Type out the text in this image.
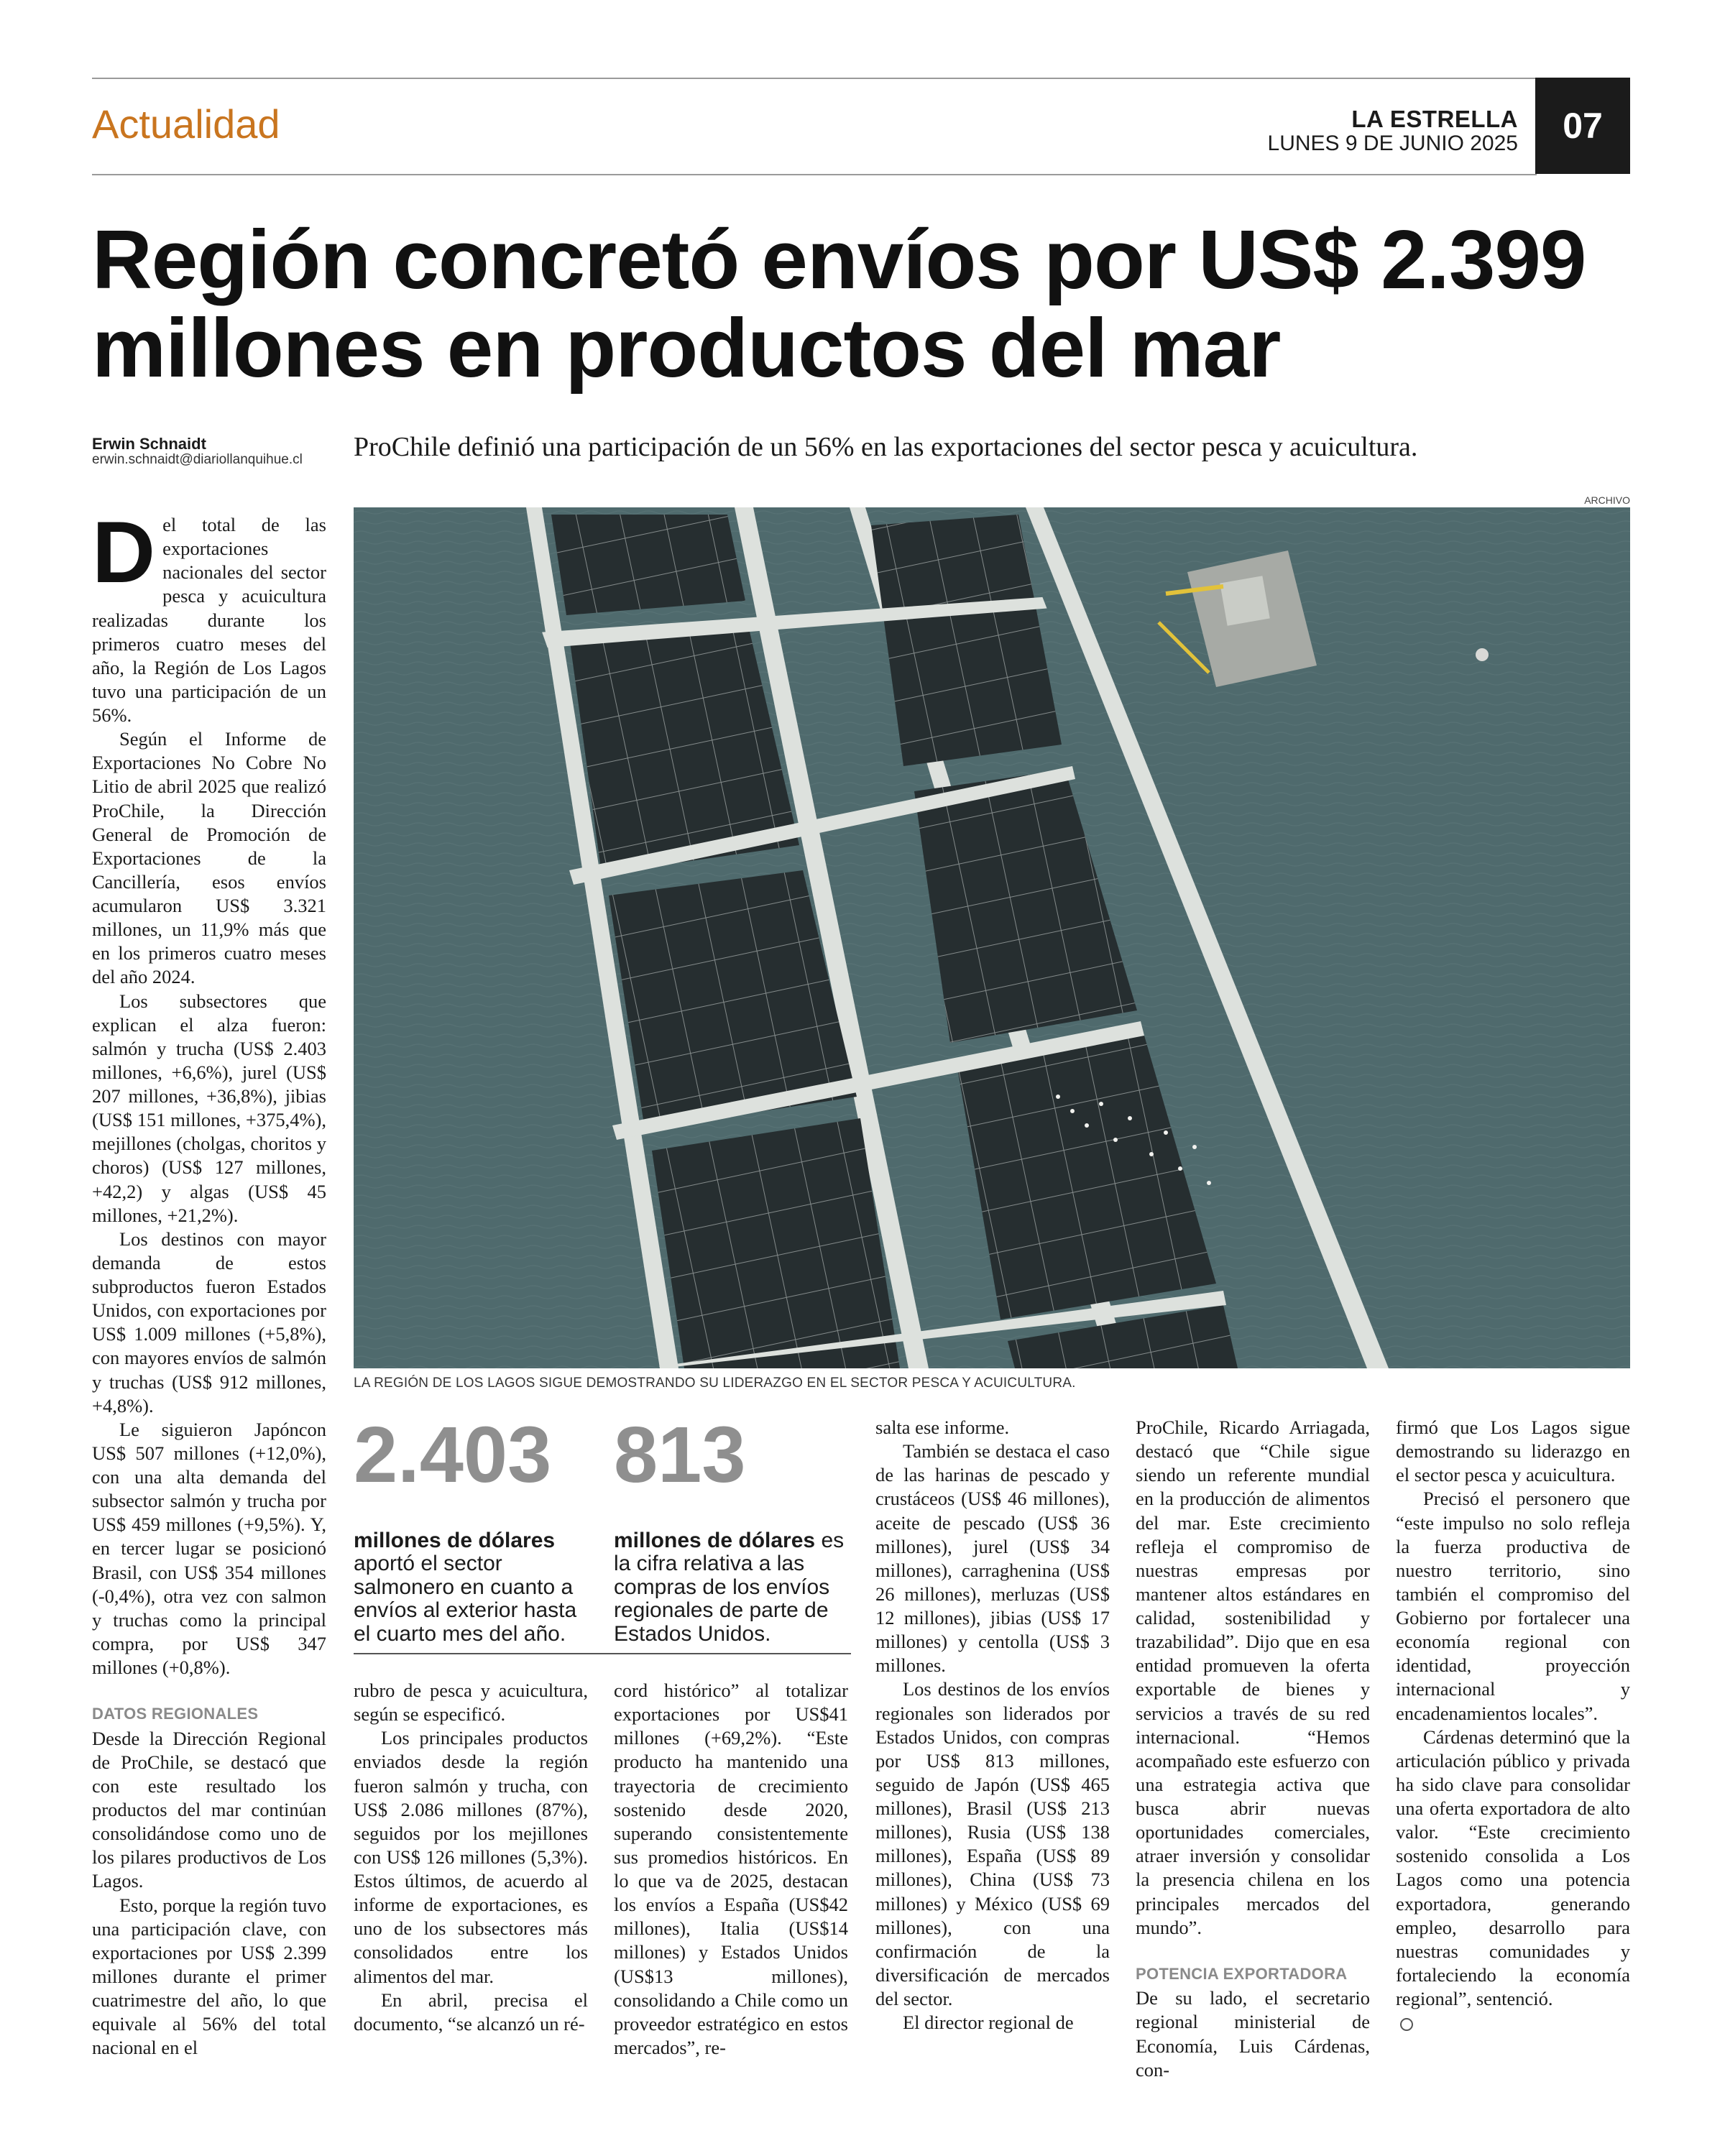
Actualidad	LA ESTRELLA
LUNES 9 DE JUNIO 2025	07
Región concretó envíos por US$ 2.399
millones en productos del mar
Erwin Schnaidt
erwin.schnaidt@diariollanquihue.cl ProChile definió una participación de un 56% en las exportaciones del sector pesca y acuicultura.
ARCHIVO
LA REGIÓN DE LOS LAGOS SIGUE DEMOSTRANDO SU LIDERAZGO EN EL SECTOR PESCA Y ACUICULTURA.
D el total de las exportaciones nacionales del sector pesca y acuicultura realizadas durante los primeros cuatro meses del año, la Región de Los Lagos tuvo una participación de un 56%.

Según el Informe de Exportaciones No Cobre No Litio de abril 2025 que realizó ProChile, la Dirección General de Promoción de Exportaciones de la Cancillería, esos envíos acumularon US$ 3.321 millones, un 11,9% más que en los primeros cuatro meses del año 2024.

Los subsectores que explican el alza fueron: salmón y trucha (US$ 2.403 millones, +6,6%), jurel (US$ 207 millones, +36,8%), jibias (US$ 151 millones, +375,4%), mejillones (cholgas, choritos y choros) (US$ 127 millones, +42,2) y algas (US$ 45 millones, +21,2%).

Los destinos con mayor demanda de estos subproductos fueron Estados Unidos, con exportaciones por US$ 1.009 millones (+5,8%), con mayores envíos de salmón y truchas (US$ 912 millones, +4,8%).

Le siguieron Japóncon US$ 507 millones (+12,0%), con una alta demanda del subsector salmón y trucha por US$ 459 millones (+9,5%). Y, en tercer lugar se posicionó Brasil, con US$ 354 millones (-0,4%), otra vez con salmon y truchas como la principal compra, por US$ 347 millones (+0,8%).

DATOS REGIONALES

Desde la Dirección Regional de ProChile, se destacó que con este resultado los productos del mar continúan consolidándose como uno de los pilares productivos de Los Lagos.

Esto, porque la región tuvo una participación clave, con exportaciones por US$ 2.399 millones durante el primer cuatrimestre del año, lo que equivale al 56% del total nacional en el

2.403
millones de dólares aportó el sector salmonero en cuanto a envíos al exterior hasta el cuarto mes del año.
813
millones de dólares es la cifra relativa a las compras de los envíos regionales de parte de Estados Unidos.

rubro de pesca y acuicultura, según se especificó.

Los principales productos enviados desde la región fueron salmón y trucha, con US$ 2.086 millones (87%), seguidos por los mejillones con US$ 126 millones (5,3%). Estos últimos, de acuerdo al informe de exportaciones, es uno de los subsectores más consolidados entre los alimentos del mar.

En abril, precisa el documento, “se alcanzó un ré-

cord histórico” al totalizar exportaciones por US$41 millones (+69,2%). “Este producto ha mantenido una trayectoria de crecimiento sostenido desde 2020, superando consistentemente sus promedios históricos. En lo que va de 2025, destacan los envíos a España (US$42 millones), Italia (US$14 millones) y Estados Unidos (US$13 millones), consolidando a Chile como un proveedor estratégico en estos mercados”, re-

salta ese informe.

También se destaca el caso de las harinas de pescado y crustáceos (US$ 46 millones), aceite de pescado (US$ 36 millones), jurel (US$ 34 millones), carraghenina (US$ 26 millones), merluzas (US$ 12 millones), jibias (US$ 17 millones) y centolla (US$ 3 millones.

Los destinos de los envíos regionales son liderados por Estados Unidos, con compras por US$ 813 millones, seguido de Japón (US$ 465 millones), Brasil (US$ 213 millones), Rusia (US$ 138 millones), España (US$ 89 millones), China (US$ 73 millones) y México (US$ 69 millones), con una confirmación de la diversificación de mercados del sector.

El director regional de

ProChile, Ricardo Arriagada, destacó que “Chile sigue siendo un referente mundial en la producción de alimentos del mar. Este crecimiento refleja el compromiso de nuestras empresas por mantener altos estándares en calidad, sostenibilidad y trazabilidad”. Dijo que en esa entidad promueven la oferta exportable de bienes y servicios a través de su red internacional. “Hemos acompañado este esfuerzo con una estrategia activa que busca abrir nuevas oportunidades comerciales, atraer inversión y consolidar la presencia chilena en los principales mercados del mundo”.

POTENCIA EXPORTADORA

De su lado, el secretario regional ministerial de Economía, Luis Cárdenas, con-

firmó que Los Lagos sigue demostrando su liderazgo en el sector pesca y acuicultura.

Precisó el personero que “este impulso no solo refleja la fuerza productiva de nuestro territorio, sino también el compromiso del Gobierno por fortalecer una economía regional con identidad, proyección internacional y encadenamientos locales”.

Cárdenas determinó que la articulación público y privada ha sido clave para consolidar una oferta exportadora de alto valor. “Este crecimiento sostenido consolida a Los Lagos como una potencia exportadora, generando empleo, desarrollo para nuestras comunidades y fortaleciendo la economía regional”, sentenció.
